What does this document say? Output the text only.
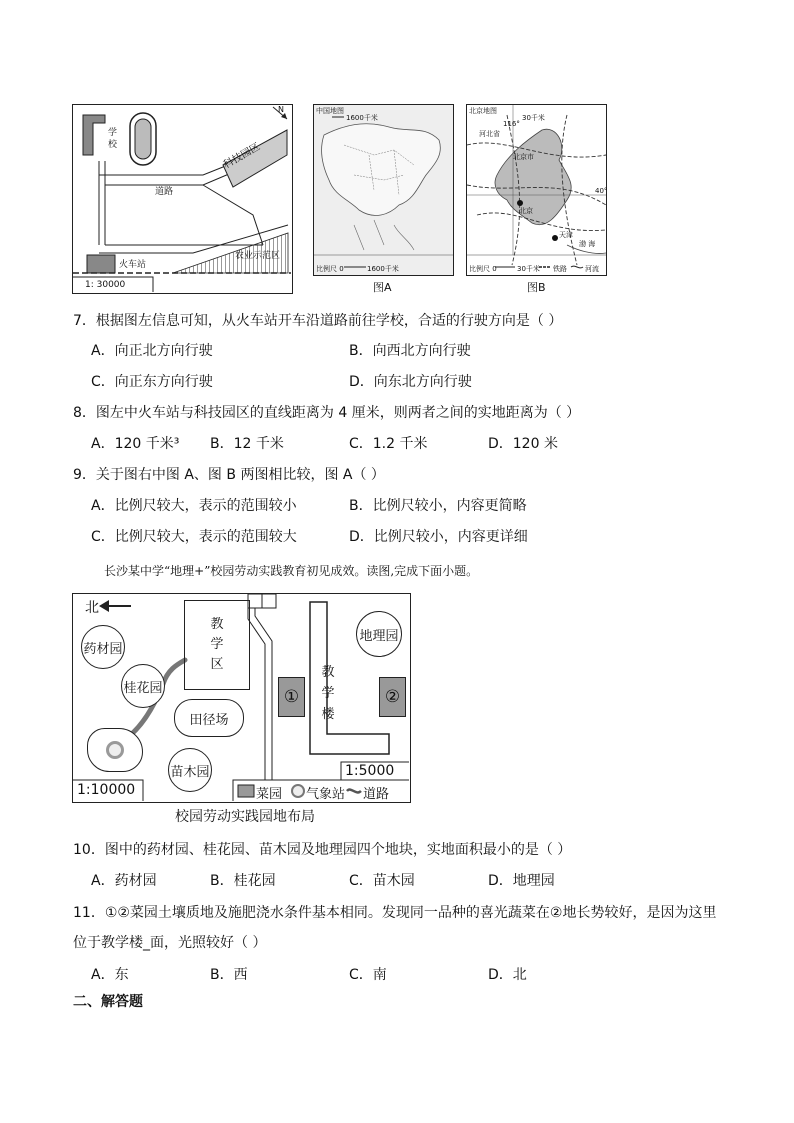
学校	科技园区
道路
火车站
农业示范区
N
1: 30000
中国地图
1600千米
比例尺 0	1600千米
图A
北京地图
116°
河北省
北京市
40°
北京
天津
渤 海
30千米
比例尺 0	30千米 铁路	河流
图B
7．根据图左信息可知，从火车站开车沿道路前往学校，合适的行驶方向是（ ）
A．向正北方向行驶	B．向西北方向行驶
C．向正东方向行驶	D．向东北方向行驶
8．图左中火车站与科技园区的直线距离为 4 厘米，则两者之间的实地距离为（ ）
A．120 千米³ B．12 千米	C．1.2 千米	D．120 米
9．关于图右中图 A、图 B 两图相比较，图 A（ ）
A．比例尺较大，表示的范围较小	B．比例尺较小，内容更简略
C．比例尺较大，表示的范围较大	D．比例尺较小，内容更详细
长沙某中学“地理+”校园劳动实践教育初见成效。读图,完成下面小题。
北
教学区
药材园
桂花园
田径场
苗木园
地理园
教学楼
①	②
1:10000
1:5000
菜园 气象站 道路
校园劳动实践园地布局
10．图中的药材园、桂花园、苗木园及地理园四个地块，实地面积最小的是（ ）
A．药材园	B．桂花园	C．苗木园	D．地理园
11．①②菜园土壤质地及施肥浇水条件基本相同。发现同一品种的喜光蔬菜在②地长势较好，是因为这里
位于教学楼_面，光照较好（ ）
A．东	B．西	C．南	D．北
二、解答题
